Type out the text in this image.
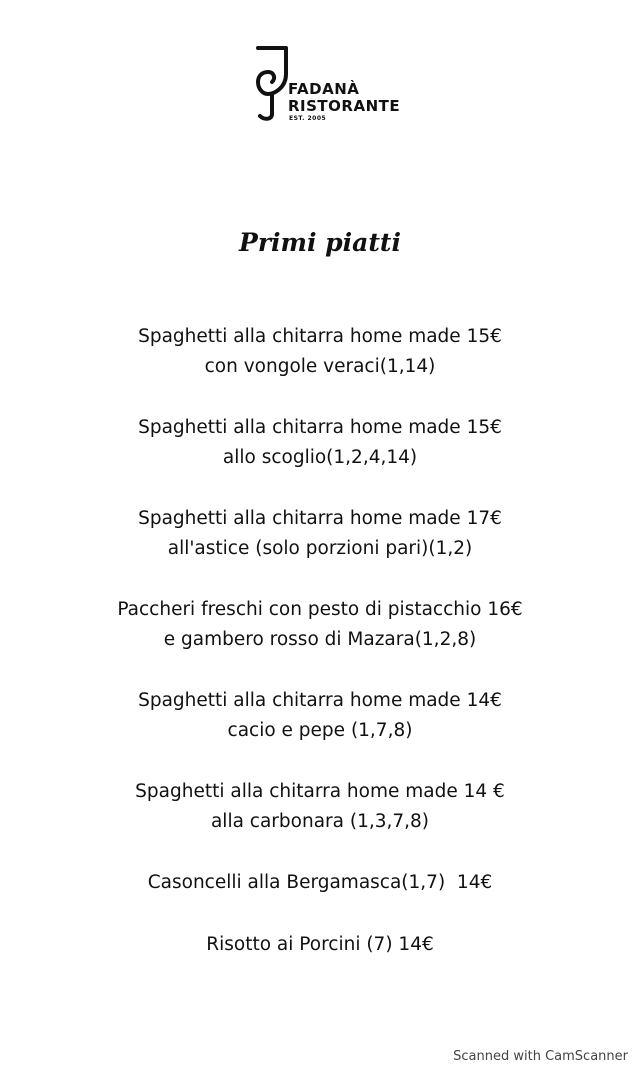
FADANÀ
RISTORANTE
EST. 2005
Primi piatti
Spaghetti alla chitarra home made 15€
con vongole veraci(1,14)
Spaghetti alla chitarra home made 15€
allo scoglio(1,2,4,14)
Spaghetti alla chitarra home made 17€
all'astice (solo porzioni pari)(1,2)
Paccheri freschi con pesto di pistacchio 16€
e gambero rosso di Mazara(1,2,8)
Spaghetti alla chitarra home made 14€
cacio e pepe (1,7,8)
Spaghetti alla chitarra home made 14 €
alla carbonara (1,3,7,8)
Casoncelli alla Bergamasca(1,7)  14€
Risotto ai Porcini (7) 14€
Scanned with CamScanner
